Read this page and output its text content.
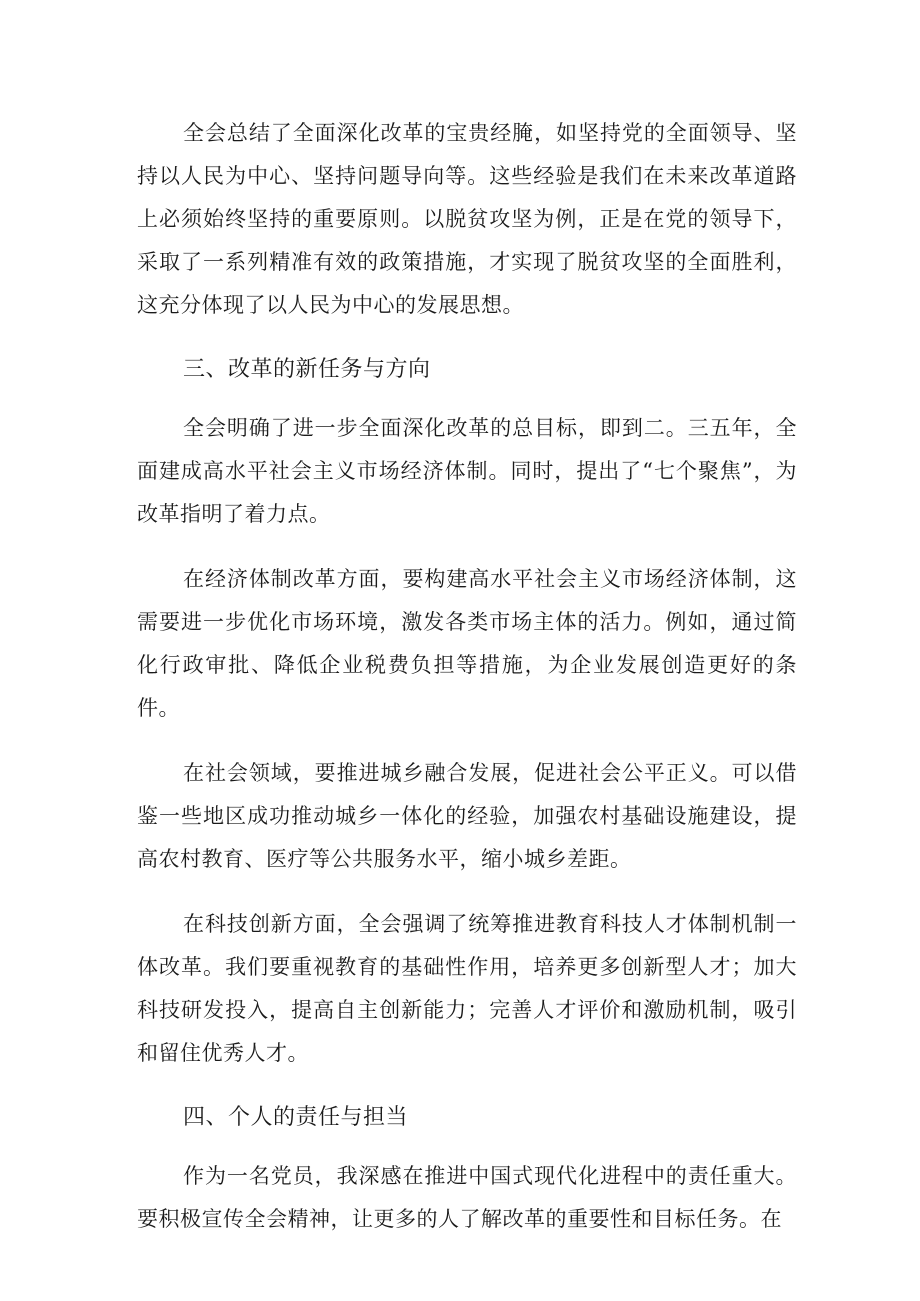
全会总结了全面深化改革的宝贵经腌，如坚持党的全面领导、坚持以人民为中心、坚持问题导向等。这些经验是我们在未来改革道路上必须始终坚持的重要原则。以脱贫攻坚为例，正是在党的领导下，采取了一系列精准有效的政策措施，才实现了脱贫攻坚的全面胜利，这充分体现了以人民为中心的发展思想。

三、改革的新任务与方向

全会明确了进一步全面深化改革的总目标，即到二。三五年，全面建成高水平社会主义市场经济体制。同时，提出了“七个聚焦”，为改革指明了着力点。

在经济体制改革方面，要构建高水平社会主义市场经济体制，这需要进一步优化市场环境，激发各类市场主体的活力。例如，通过简化行政审批、降低企业税费负担等措施，为企业发展创造更好的条件。

在社会领域，要推进城乡融合发展，促进社会公平正义。可以借鉴一些地区成功推动城乡一体化的经验，加强农村基础设施建设，提高农村教育、医疗等公共服务水平，缩小城乡差距。

在科技创新方面，全会强调了统筹推进教育科技人才体制机制一体改革。我们要重视教育的基础性作用，培养更多创新型人才；加大科技研发投入，提高自主创新能力；完善人才评价和激励机制，吸引和留住优秀人才。

四、个人的责任与担当

作为一名党员，我深感在推进中国式现代化进程中的责任重大。要积极宣传全会精神，让更多的人了解改革的重要性和目标任务。在
